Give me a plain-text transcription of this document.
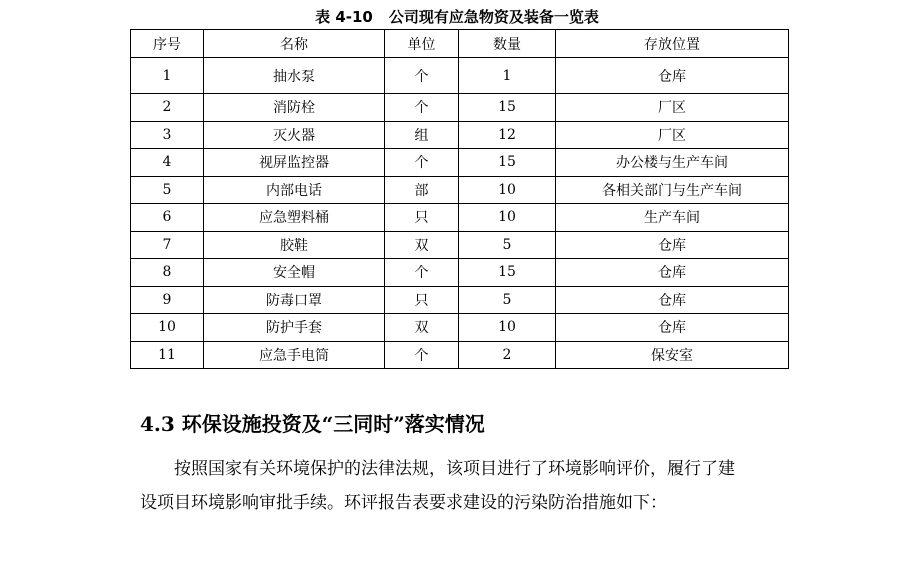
表 4-10 公司现有应急物资及装备一览表
序号	名称	单位	数量	存放位置
1	抽水泵	个	1	仓库
2	消防栓	个	15	厂区
3	灭火器	组	12	厂区
4	视屏监控器	个	15	办公楼与生产车间
5	内部电话	部	10	各相关部门与生产车间
6	应急塑料桶	只	10	生产车间
7	胶鞋	双	5	仓库
8	安全帽	个	15	仓库
9	防毒口罩	只	5	仓库
10	防护手套	双	10	仓库
11	应急手电筒	个	2	保安室
4.3 环保设施投资及“三同时”落实情况

按照国家有关环境保护的法律法规，该项目进行了环境影响评价，履行了建
设项目环境影响审批手续。环评报告表要求建设的污染防治措施如下：
